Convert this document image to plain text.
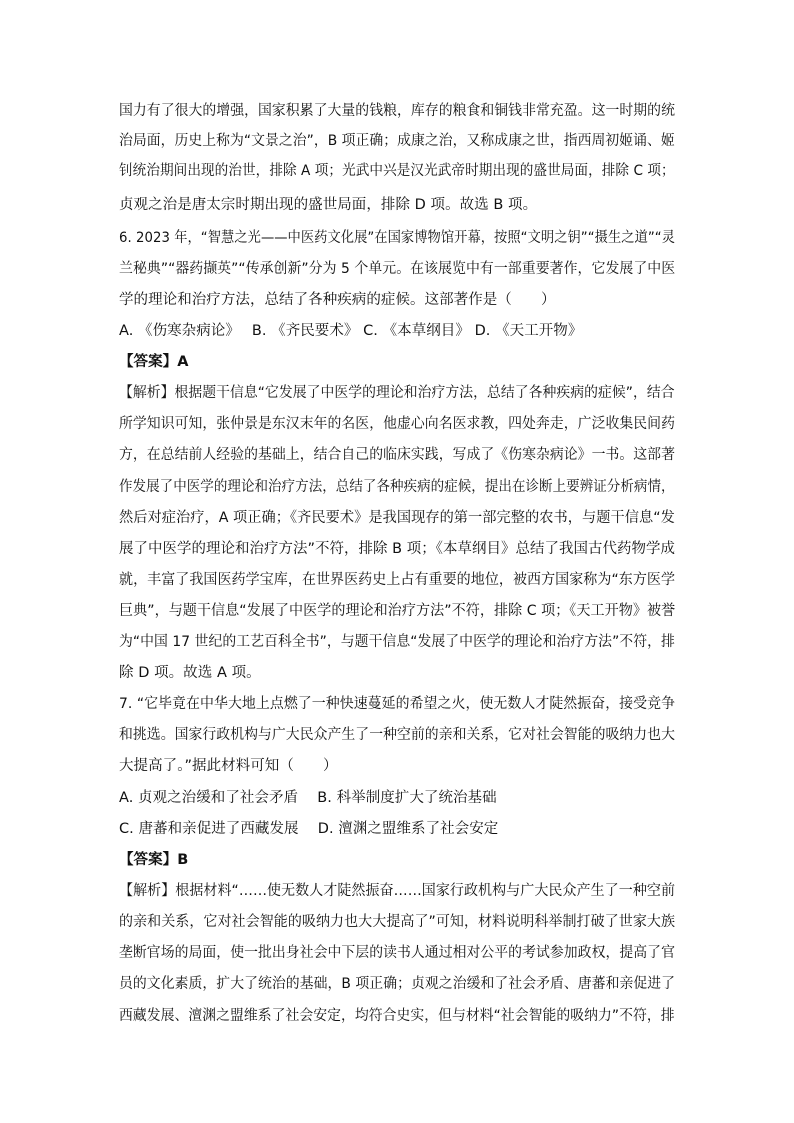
国力有了很大的增强，国家积累了大量的钱粮，库存的粮食和铜钱非常充盈。这一时期的统
治局面，历史上称为“文景之治”，B 项正确；成康之治，又称成康之世，指西周初姬诵、姬
钊统治期间出现的治世，排除 A 项；光武中兴是汉光武帝时期出现的盛世局面，排除 C 项；
贞观之治是唐太宗时期出现的盛世局面，排除 D 项。故选 B 项。
6. 2023 年，“智慧之光——中医药文化展”在国家博物馆开幕，按照“文明之钥”“摄生之道”“灵
兰秘典”“器药撷英”“传承创新”分为 5 个单元。在该展览中有一部重要著作，它发展了中医
学的理论和治疗方法，总结了各种疾病的症候。这部著作是（　　）
A. 《伤寒杂病论》　 B. 《齐民要术》 C. 《本草纲目》 D. 《天工开物》
【答案】A
【解析】根据题干信息“它发展了中医学的理论和治疗方法，总结了各种疾病的症候”，结合
所学知识可知，张仲景是东汉末年的名医，他虚心向名医求教，四处奔走，广泛收集民间药
方，在总结前人经验的基础上，结合自己的临床实践，写成了《伤寒杂病论》一书。这部著
作发展了中医学的理论和治疗方法，总结了各种疾病的症候，提出在诊断上要辨证分析病情，
然后对症治疗，A 项正确；《齐民要术》是我国现存的第一部完整的农书，与题干信息“发
展了中医学的理论和治疗方法”不符，排除 B 项；《本草纲目》总结了我国古代药物学成
就，丰富了我国医药学宝库，在世界医药史上占有重要的地位，被西方国家称为“东方医学
巨典”，与题干信息“发展了中医学的理论和治疗方法”不符，排除 C 项；《天工开物》被誉
为“中国 17 世纪的工艺百科全书”，与题干信息“发展了中医学的理论和治疗方法”不符，排
除 D 项。故选 A 项。
7. “它毕竟在中华大地上点燃了一种快速蔓延的希望之火，使无数人才陡然振奋，接受竞争
和挑选。国家行政机构与广大民众产生了一种空前的亲和关系，它对社会智能的吸纳力也大
大提高了。”据此材料可知（　　）
A. 贞观之治缓和了社会矛盾　 B. 科举制度扩大了统治基础
C. 唐蕃和亲促进了西藏发展　 D. 澶渊之盟维系了社会安定
【答案】B
【解析】根据材料“……使无数人才陡然振奋……国家行政机构与广大民众产生了一种空前
的亲和关系，它对社会智能的吸纳力也大大提高了”可知，材料说明科举制打破了世家大族
垄断官场的局面，使一批出身社会中下层的读书人通过相对公平的考试参加政权，提高了官
员的文化素质，扩大了统治的基础，B 项正确；贞观之治缓和了社会矛盾、唐蕃和亲促进了
西藏发展、澶渊之盟维系了社会安定，均符合史实，但与材料“社会智能的吸纳力”不符，排
